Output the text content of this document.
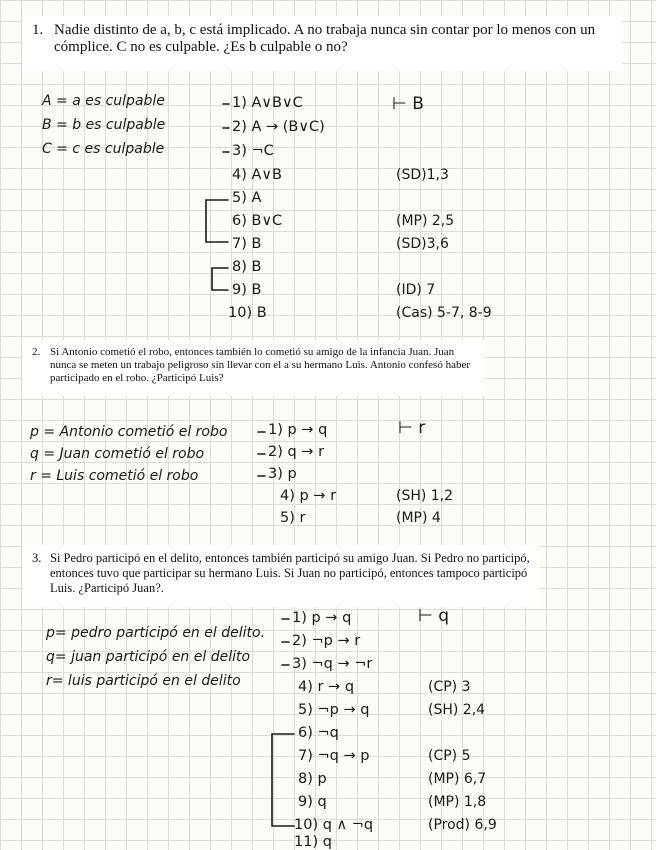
1. Nadie distinto de a, b, c está implicado. A no trabaja nunca sin contar por lo menos con un cómplice. C no es culpable. ¿Es b culpable o no?
A = a es culpable
B = b es culpable
C = c es culpable
⊢ B
1) A∨B∨C
2) A → (B∨C)
3) ¬C
4) A∨B
5) A
6) B∨C
7) B
8) B
9) B
10) B
(SD)1,3
(MP) 2,5
(SD)3,6
(ID) 7
(Cas) 5-7, 8-9
2. Si Antonio cometió el robo, entonces también lo cometió su amigo de la infancia Juan. Juan nunca se meten un trabajo peligroso sin llevar con el a su hermano Luis. Antonio confesó haber participado en el robo. ¿Participó Luis?
p = Antonio cometió el robo
q = Juan cometió el robo
r = Luis cometió el robo
⊢ r
1) p → q
2) q → r
3) p
4) p → r
5) r
(SH) 1,2
(MP) 4
3. Si Pedro participó en el delito, entonces también participó su amigo Juan. Si Pedro no participó, entonces tuvo que participar su hermano Luis. Si Juan no participó, entonces tampoco participó Luis. ¿Participó Juan?.
p= pedro participó en el delito.
q= juan participó en el delito
r= luis participó en el delito
⊢ q
1) p → q
2) ¬p → r
3) ¬q → ¬r
4) r → q
5) ¬p → q
6) ¬q
7) ¬q → p
8) p
9) q
10) q ∧ ¬q
11) q
(CP) 3
(SH) 2,4
(CP) 5
(MP) 6,7
(MP) 1,8
(Prod) 6,9
